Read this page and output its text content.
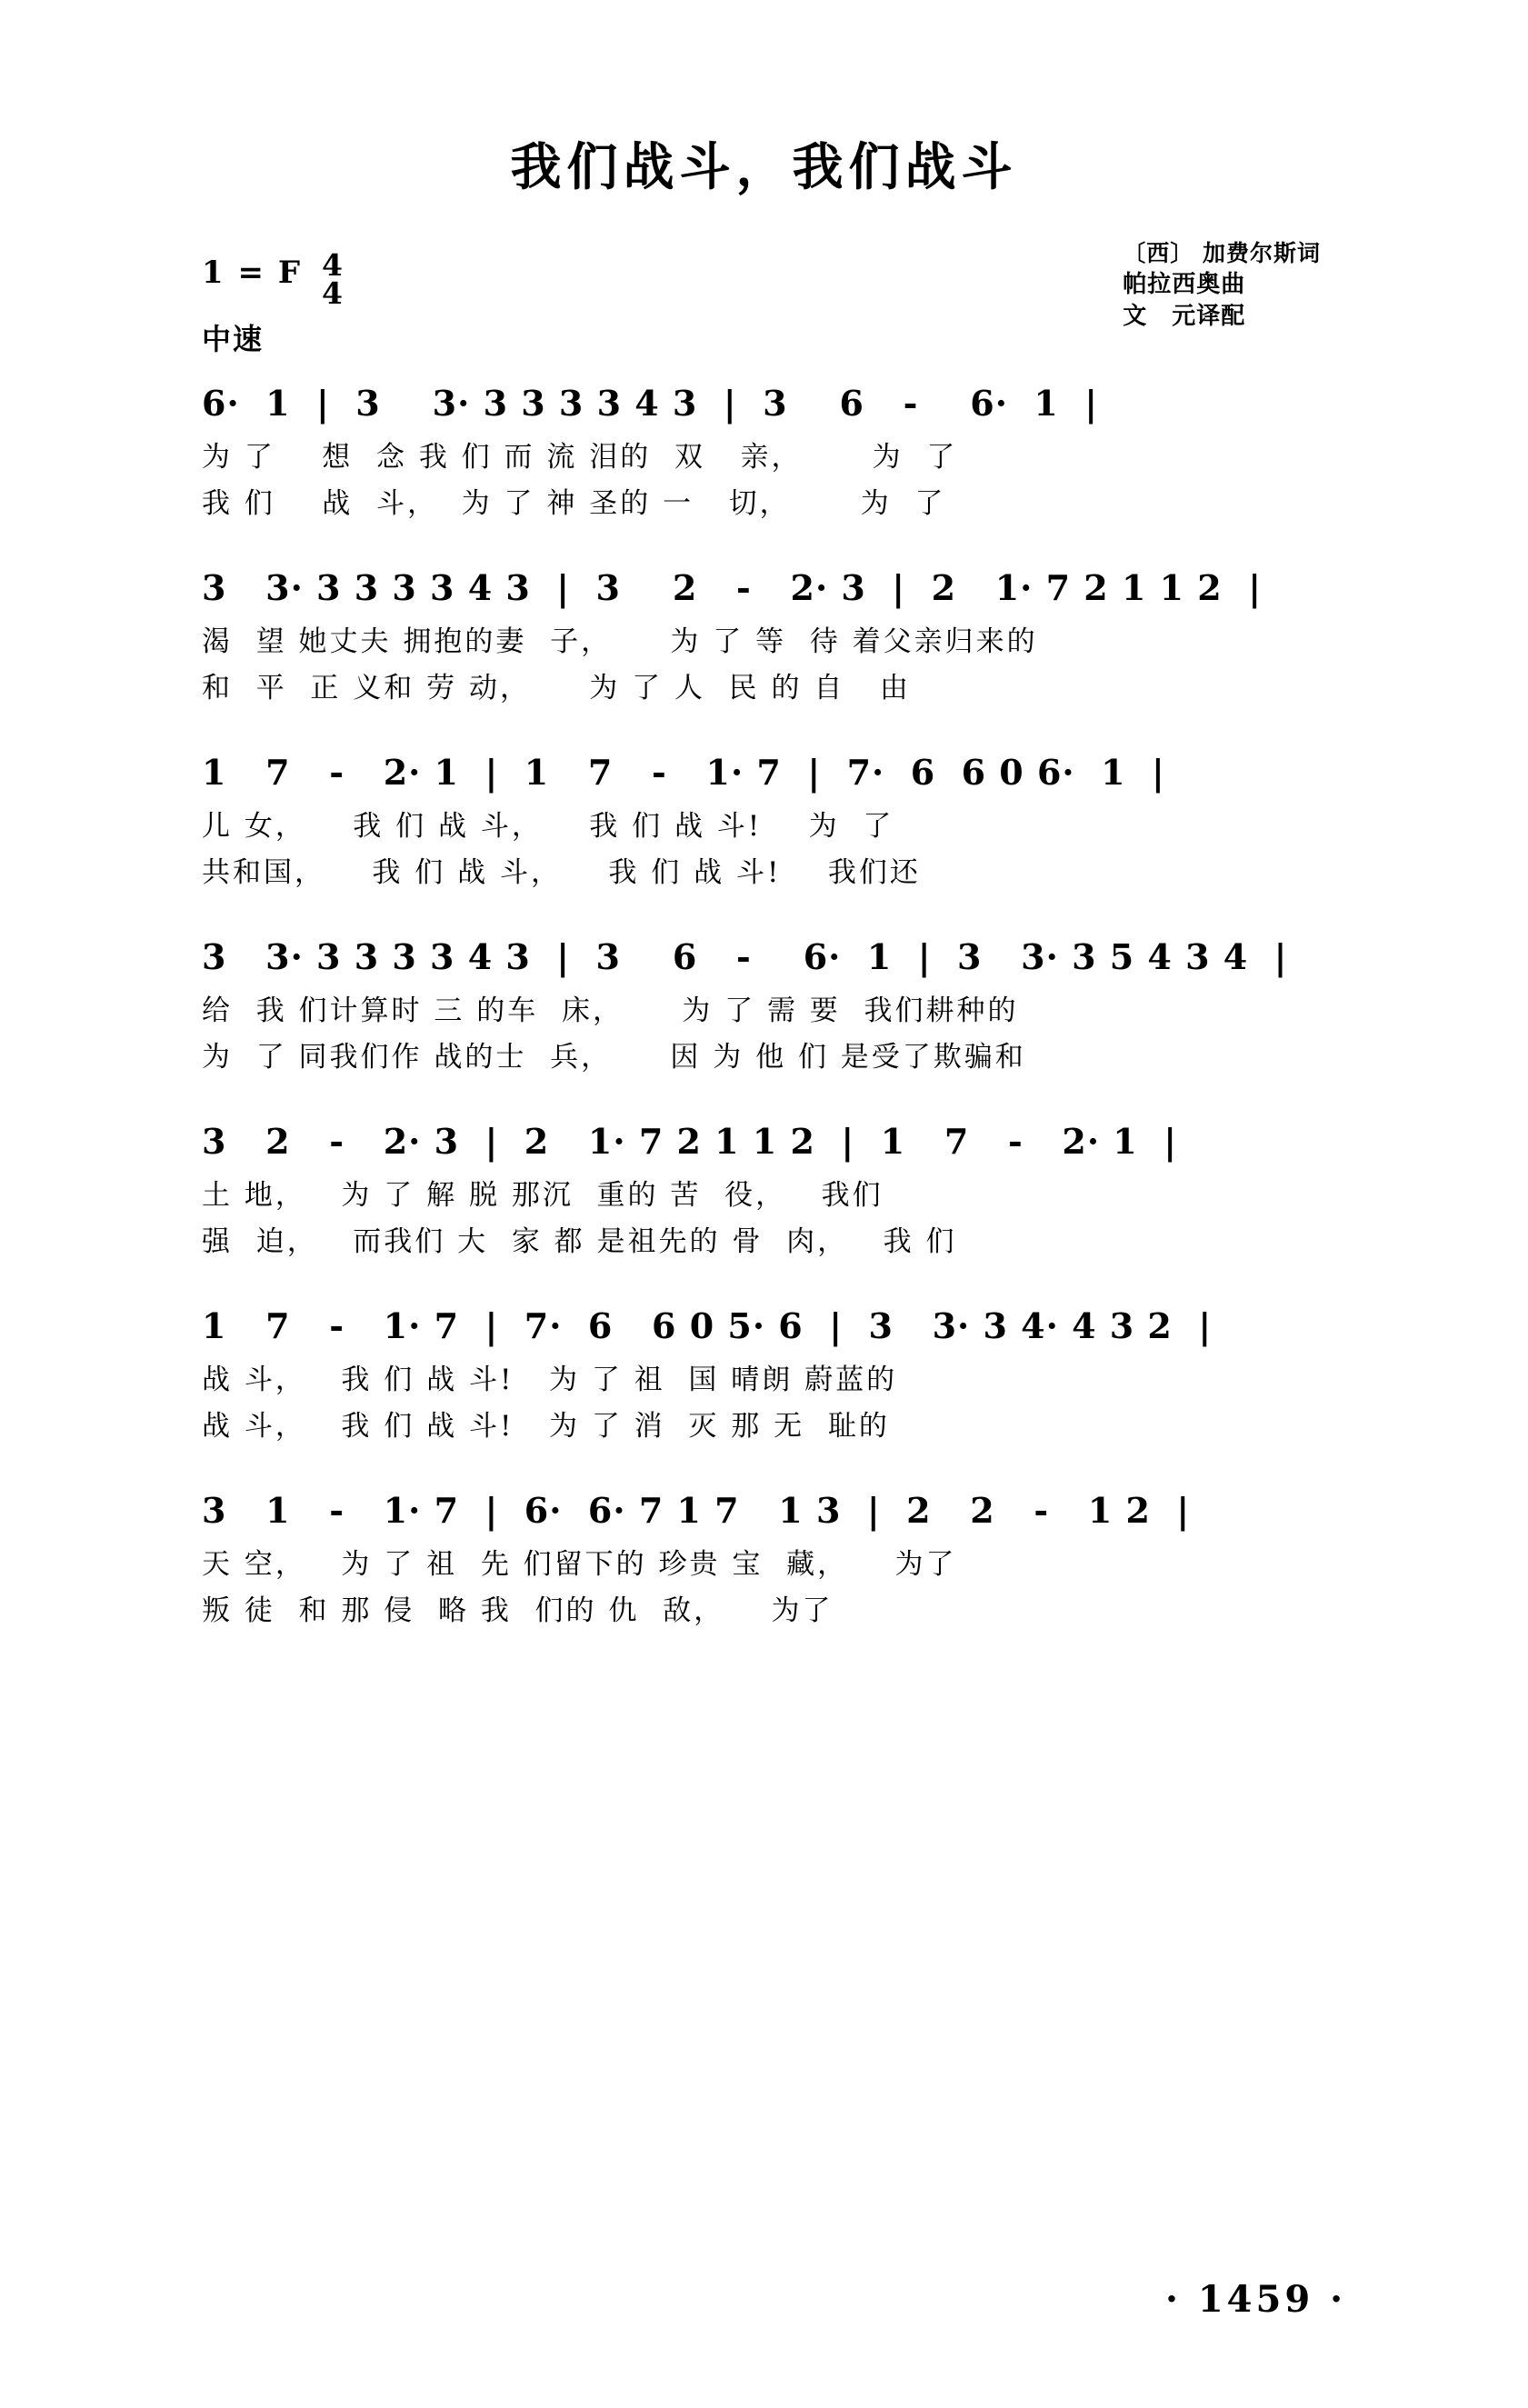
我们战斗，我们战斗
1 = F 4
4
中速
〔西〕 加费尔斯词
帕拉西奥曲
文　元译配
6·  1  |  3    3· 3 3 3 3 4 3  |  3    6   -    6·  1  |
为 了    想  念 我 们 而 流 泪的  双   亲，      为  了
我 们    战  斗，  为 了 神 圣的 一   切，      为  了
3   3· 3 3 3 3 4 3  |  3    2   -   2· 3  |  2   1· 7 2 1 1 2  |
渴  望 她丈夫 拥抱的妻  子，     为 了 等  待 着父亲归来的
和  平  正 义和 劳 动，     为 了 人  民 的 自   由
1   7   -   2· 1  |  1   7   -   1· 7  |  7·  6  6 0 6·  1  |
儿 女，    我 们 战 斗，    我 们 战 斗!    为  了
共和国，    我 们 战 斗，    我 们 战 斗!    我们还
3   3· 3 3 3 3 4 3  |  3    6   -    6·  1  |  3   3· 3 5 4 3 4  |
给  我 们计算时 三 的车  床，     为 了 需 要  我们耕种的
为  了 同我们作 战的士  兵，     因 为 他 们 是受了欺骗和
3   2   -   2· 3  |  2   1· 7 2 1 1 2  |  1   7   -   2· 1  |
土 地，   为 了 解 脱 那沉  重的 苦  役，   我们
强  迫，   而我们 大  家 都 是祖先的 骨  肉，   我 们
1   7   -   1· 7  |  7·  6   6 0 5· 6  |  3   3· 3 4· 4 3 2  |
战 斗，   我 们 战 斗!   为 了 祖  国 晴朗 蔚蓝的
战 斗，   我 们 战 斗!   为 了 消  灭 那 无  耻的
3   1   -   1· 7  |  6·  6· 7 1 7   1 3  |  2   2   -   1 2  |
天 空，   为 了 祖  先 们留下的 珍贵 宝  藏，    为了
叛 徒  和 那 侵  略 我  们的 仇  敌，    为了
· 1459 ·
